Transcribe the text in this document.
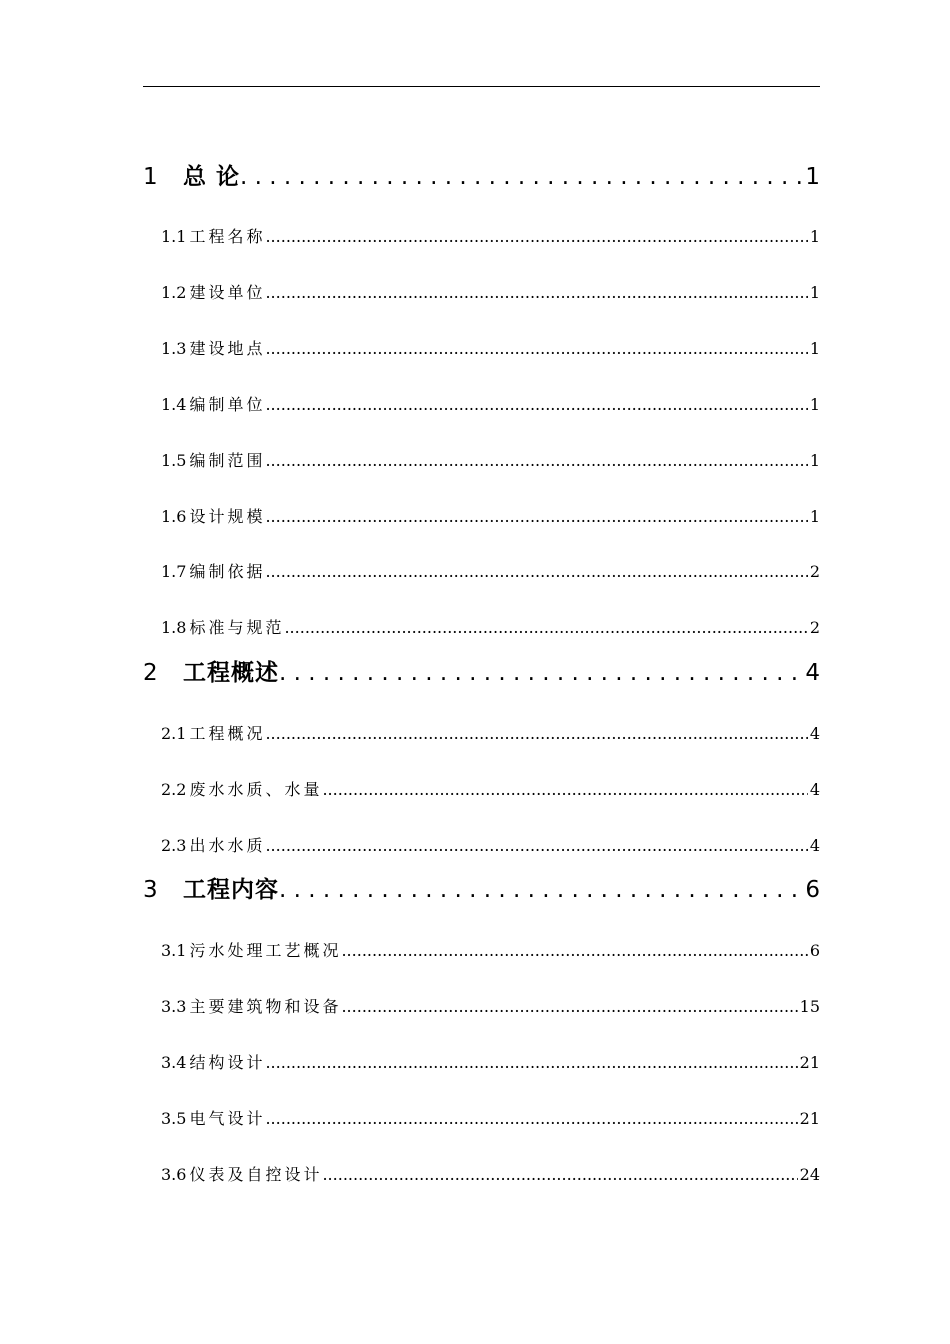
1	总 论 . . .	1
1.1 工程名称 .....	1
1.2 建设单位 .....	1
1.3 建设地点 .....	1
1.4 编制单位 .....	1
1.5 编制范围 .....	1
1.6 设计规模 .....	1
1.7 编制依据 .....	2
1.8 标准与规范 .....	2
2	工程概述 . . .	4
2.1 工程概况 .....	4
2.2 废水水质、水量 .....	4
2.3 出水水质 .....	4
3	工程内容 . . .	6
3.1 污水处理工艺概况 .....	6
3.3 主要建筑物和设备 .....	15
3.4 结构设计 .....	21
3.5 电气设计 .....	21
3.6 仪表及自控设计 .....	24
